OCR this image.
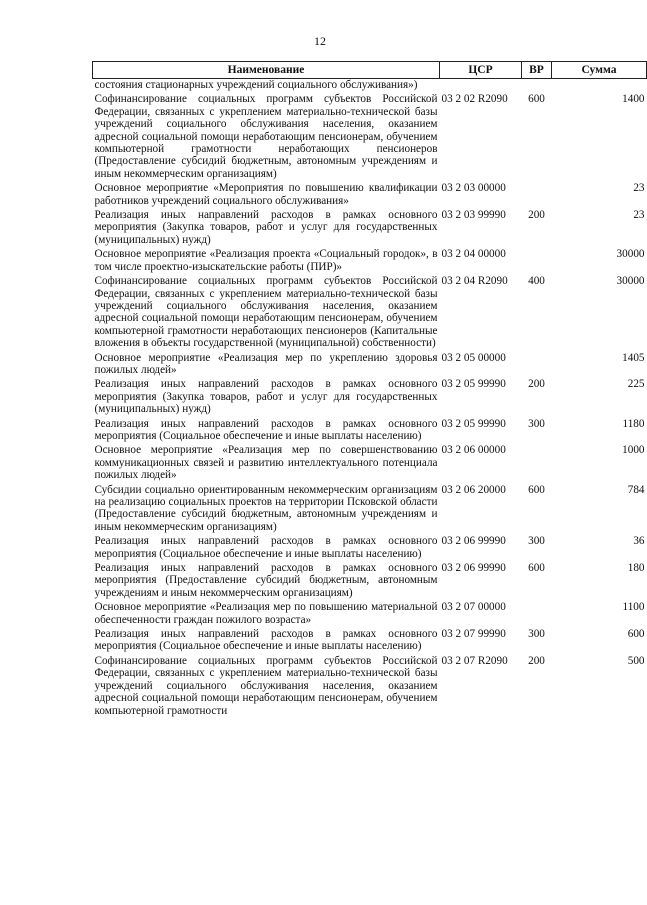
12
Наименование	ЦСР	ВР	Сумма
состояния стационарных учреждений социального обслуживания»)			
Софинансирование социальных программ субъектов Российской Федерации, связанных с укреплением материально-технической базы учреждений социального обслуживания населения, оказанием адресной социальной помощи неработающим пенсионерам, обучением компьютерной грамотности неработающих пенсионеров (Предоставление субсидий бюджетным, автономным учреждениям и иным некоммерческим организациям)	03 2 02 R2090	600	1400
Основное мероприятие «Мероприятия по повышению квалификации работников учреждений социального обслуживания»	03 2 03 00000		23
Реализация иных направлений расходов в рамках основного мероприятия (Закупка товаров, работ и услуг для государственных (муниципальных) нужд)	03 2 03 99990	200	23
Основное мероприятие «Реализация проекта «Социальный городок», в том числе проектно-изыскательские работы (ПИР)»	03 2 04 00000		30000
Софинансирование социальных программ субъектов Российской Федерации, связанных с укреплением материально-технической базы учреждений социального обслуживания населения, оказанием адресной социальной помощи неработающим пенсионерам, обучением компьютерной грамотности неработающих пенсионеров (Капитальные вложения в объекты государственной (муниципальной) собственности)	03 2 04 R2090	400	30000
Основное мероприятие «Реализация мер по укреплению здоровья пожилых людей»	03 2 05 00000		1405
Реализация иных направлений расходов в рамках основного мероприятия (Закупка товаров, работ и услуг для государственных (муниципальных) нужд)	03 2 05 99990	200	225
Реализация иных направлений расходов в рамках основного мероприятия (Социальное обеспечение и иные выплаты населению)	03 2 05 99990	300	1180
Основное мероприятие «Реализация мер по совершенствованию коммуникационных связей и развитию интеллектуального потенциала пожилых людей»	03 2 06 00000		1000
Субсидии социально ориентированным некоммерческим организациям на реализацию социальных проектов на территории Псковской области (Предоставление субсидий бюджетным, автономным учреждениям и иным некоммерческим организациям)	03 2 06 20000	600	784
Реализация иных направлений расходов в рамках основного мероприятия (Социальное обеспечение и иные выплаты населению)	03 2 06 99990	300	36
Реализация иных направлений расходов в рамках основного мероприятия (Предоставление субсидий бюджетным, автономным учреждениям и иным некоммерческим организациям)	03 2 06 99990	600	180
Основное мероприятие «Реализация мер по повышению материальной обеспеченности граждан пожилого возраста»	03 2 07 00000		1100
Реализация иных направлений расходов в рамках основного мероприятия (Социальное обеспечение и иные выплаты населению)	03 2 07 99990	300	600
Софинансирование социальных программ субъектов Российской Федерации, связанных с укреплением материально-технической базы учреждений социального обслуживания населения, оказанием адресной социальной помощи неработающим пенсионерам, обучением компьютерной грамотности	03 2 07 R2090	200	500
